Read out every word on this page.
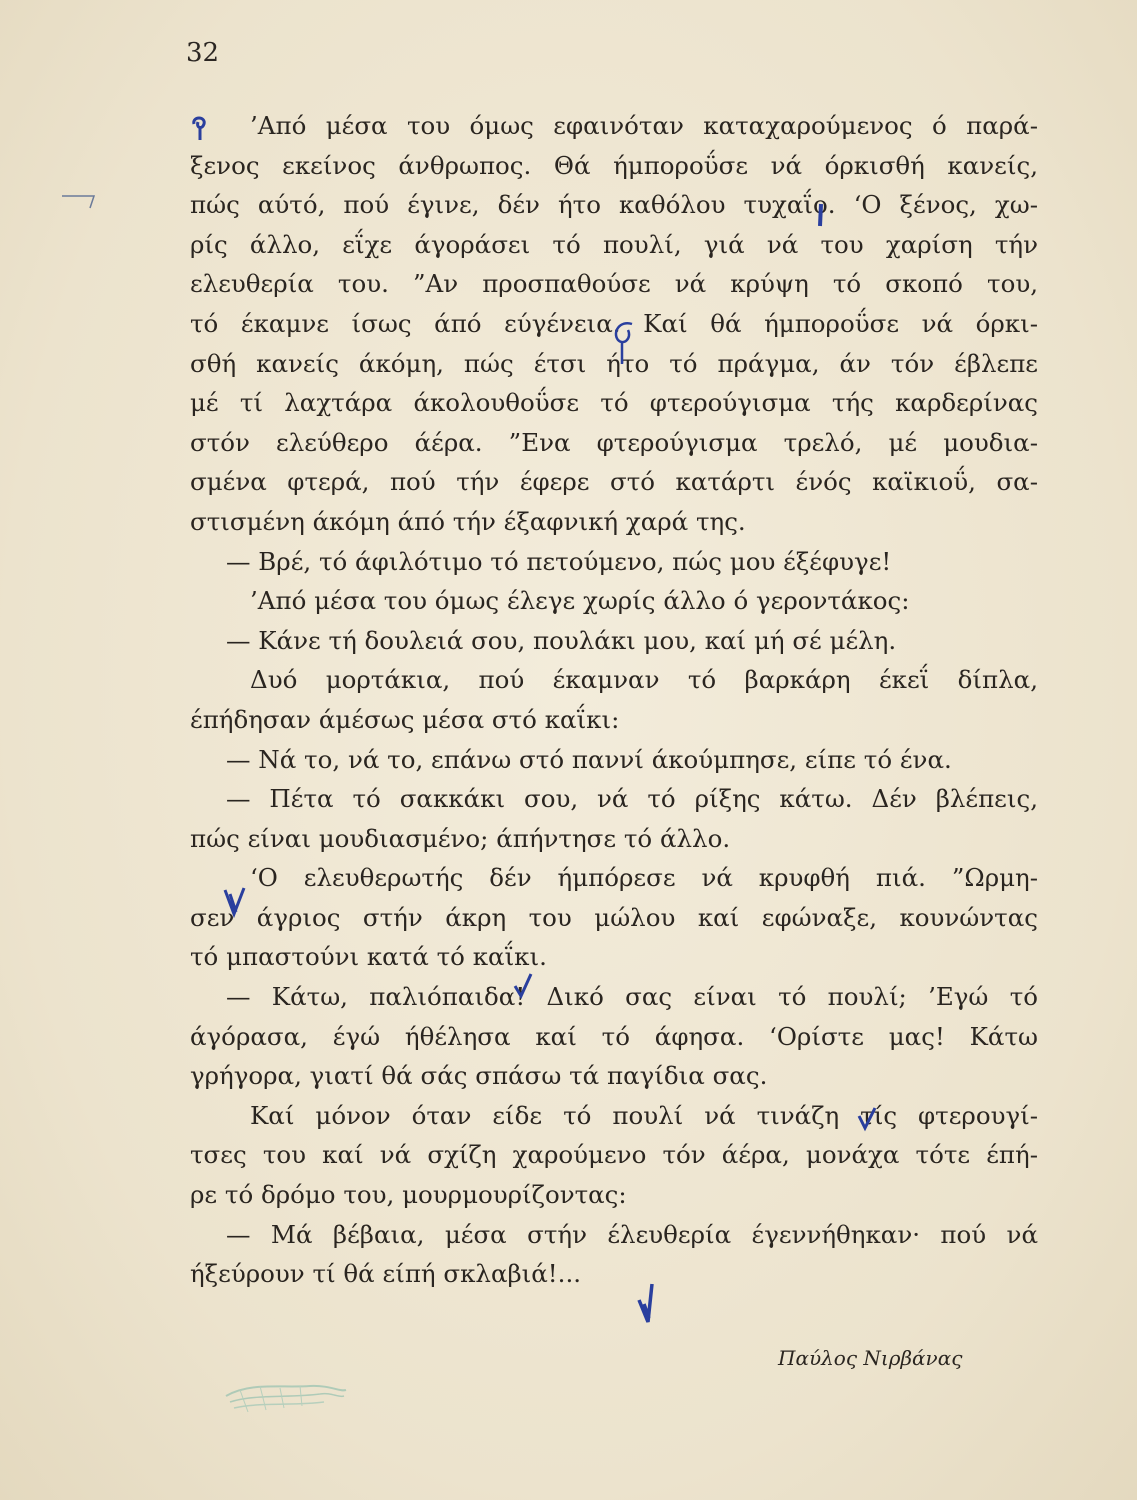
32
’Από μέσα του όμως εφαινόταν καταχαρούμενος ό παρά-
ξενος εκείνος άνθρωπος. Θά ήμποροΰσε νά όρκισθή κανείς,
πώς αύτό, πού έγινε, δέν ήτο καθόλου τυχαΐο. ‘Ο ξένος, χω-
ρίς άλλο, εΐχε άγοράσει τό πουλί, γιά νά του χαρίση τήν
ελευθερία του. ”Αν προσπαθούσε νά κρύψη τό σκοπό του,
τό έκαμνε ίσως άπό εύγένεια. Καί θά ήμποροΰσε νά όρκι-
σθή κανείς άκόμη, πώς έτσι ήτο τό πράγμα, άν τόν έβλεπε
μέ τί λαχτάρα άκολουθοΰσε τό φτερούγισμα τής καρδερίνας
στόν ελεύθερο άέρα. ”Ενα φτερούγισμα τρελό, μέ μουδια-
σμένα φτερά, πού τήν έφερε στό κατάρτι ένός καϊκιοΰ, σα-
στισμένη άκόμη άπό τήν έξαφνική χαρά της.
— Βρέ, τό άφιλότιμο τό πετούμενο, πώς μου έξέφυγε!
’Από μέσα του όμως έλεγε χωρίς άλλο ό γεροντάκος:
— Κάνε τή δουλειά σου, πουλάκι μου, καί μή σέ μέλη.
Δυό μορτάκια, πού έκαμναν τό βαρκάρη έκεΐ δίπλα,
έπήδησαν άμέσως μέσα στό καΐκι:
— Νά το, νά το, επάνω στό παννί άκούμπησε, είπε τό ένα.
— Πέτα τό σακκάκι σου, νά τό ρίξης κάτω. Δέν βλέπεις,
πώς είναι μουδιασμένο; άπήντησε τό άλλο.
‘Ο ελευθερωτής δέν ήμπόρεσε νά κρυφθή πιά. ”Ωρμη-
σεν άγριος στήν άκρη του μώλου καί εφώναξε, κουνώντας
τό μπαστούνι κατά τό καΐκι.
— Κάτω, παλιόπαιδα! Δικό σας είναι τό πουλί; ’Εγώ τό
άγόρασα, έγώ ήθέλησα καί τό άφησα. ‘Ορίστε μας! Κάτω
γρήγορα, γιατί θά σάς σπάσω τά παγίδια σας.
Καί μόνον όταν είδε τό πουλί νά τινάζη τίς φτερουγί-
τσες του καί νά σχίζη χαρούμενο τόν άέρα, μονάχα τότε έπή-
ρε τό δρόμο του, μουρμουρίζοντας:
— Μά βέβαια, μέσα στήν έλευθερία έγεννήθηκαν· πού νά
ήξεύρουν τί θά είπή σκλαβιά!...
Παύλος Νιρβάνας
